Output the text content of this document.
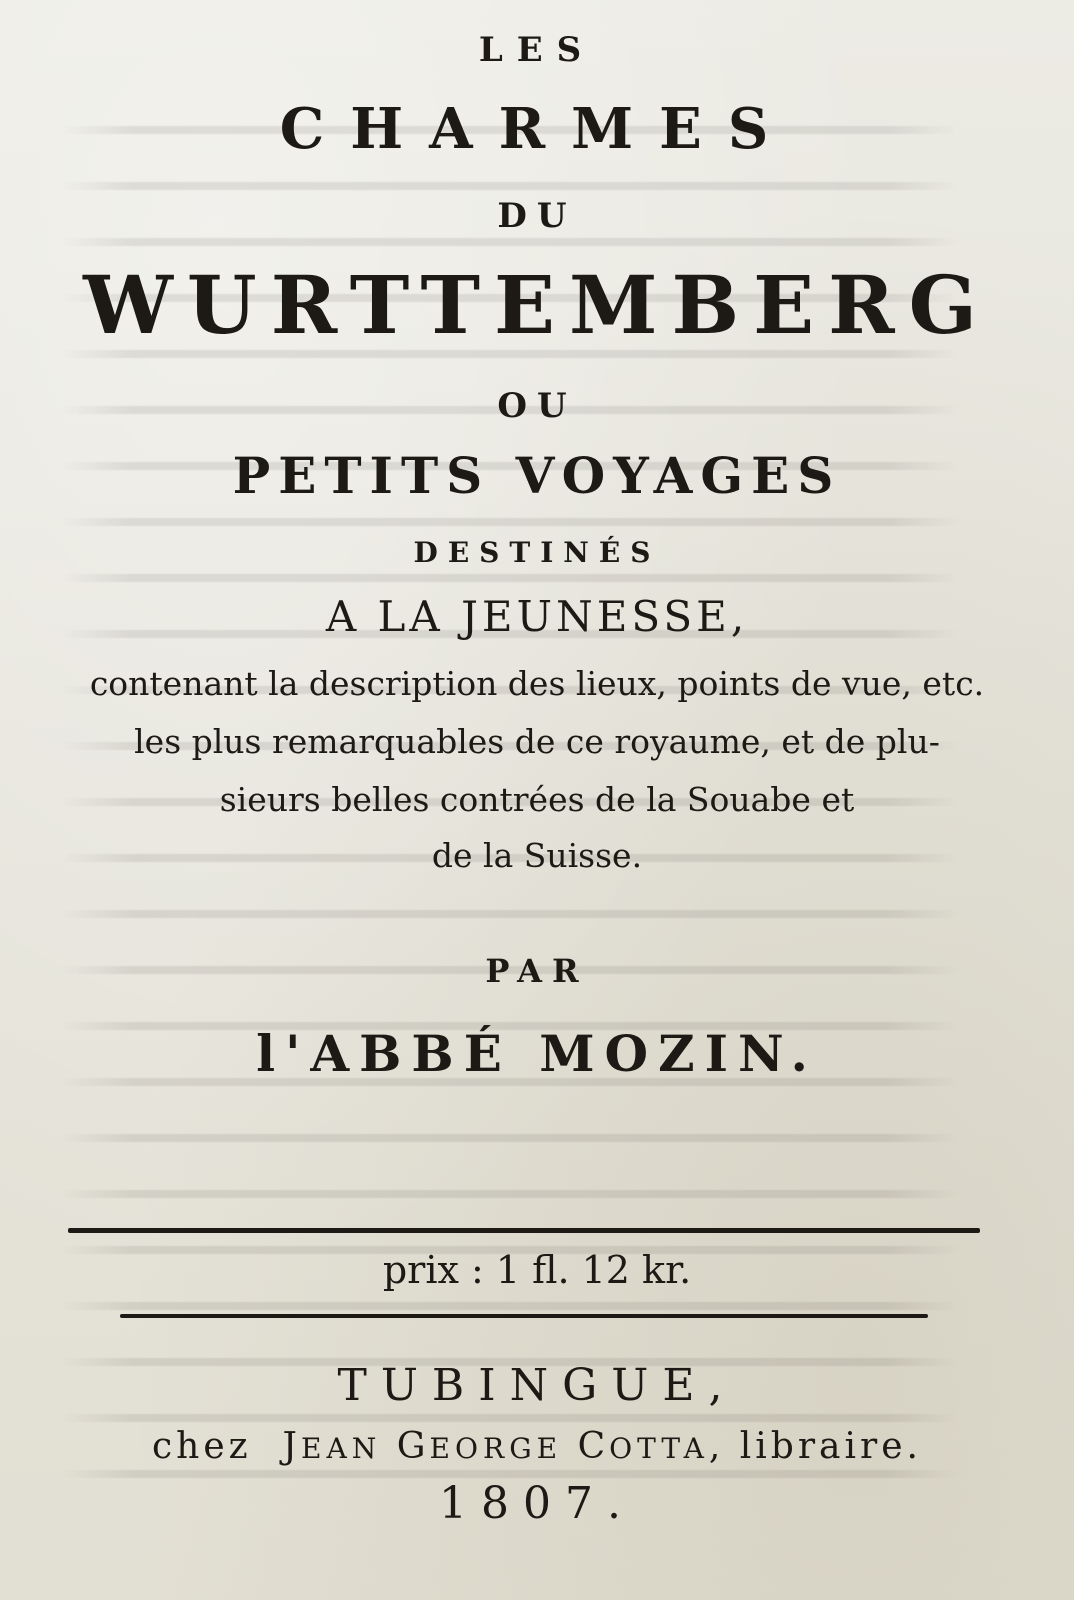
LES
CHARMES
DU
WURTTEMBERG
OU
PETITS VOYAGES
DESTINÉS
A LA JEUNESSE,
contenant la description des lieux, points de vue, etc.
les plus remarquables de ce royaume, et de plu-
sieurs belles contrées de la Souabe et
de la Suisse.
PAR
l'ABBÉ MOZIN.
prix : 1 fl. 12 kr.
TUBINGUE,
chez JEAN GEORGE COTTA, libraire.
1807.
